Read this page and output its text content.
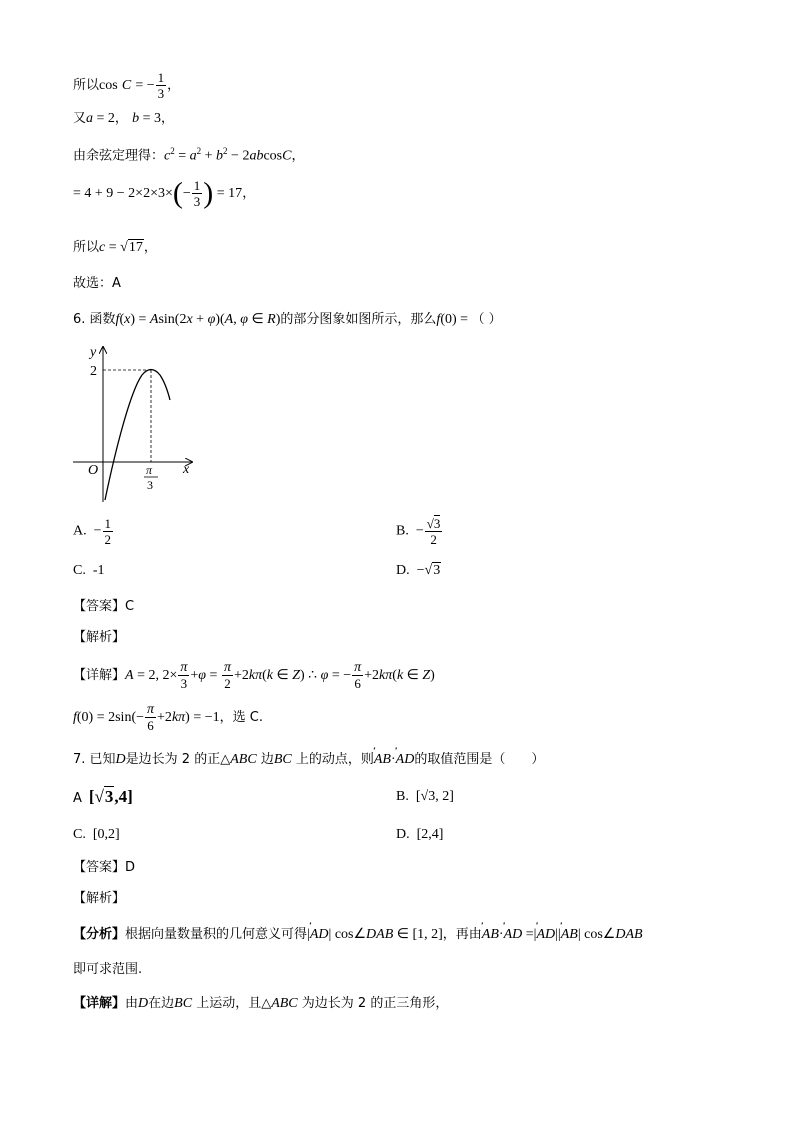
所以cos C = − $\frac{1}{3}$ ，
又a = 2， b = 3，
由余弦定理得：$c^2 = a^2 + b^2 - 2abcosC$，
= $4 + 9 - 2\times 2\times 3\times(- \frac{1}{3}$ ) = 17，
所以c = √17，
故选：A
6. 函数f(x) = Asin(2x + φ)(A, φ ∈ R)的部分图象如图所示，那么f(0) = （ ）
y
2
O	x
π
3
A.  − $\frac{1}{2}$	B.  − $\frac{√3}{2}$
C. -1	D.  −√3
【答案】C
【解析】
【详解】A = 2, $2\times \frac{\pi}{3} +\varphi = \frac{\pi}{2} +2k\pi(k$ ∈ Z) ∴ φ = − $\frac{\pi}{6} +2k\pi(k$ ∈ Z)
$f(0) = 2\sin(- \frac{\pi}{6} +2k\pi) = -1$，选 C.
7. 已知D是边长为 2 的正△ABC 边BC 上的动点，则′′′ AB·′′′ AD的取值范围是（　　）
A [√3,4]	B. [√3, 2]
C. [0,2]	D. [2,4]
【答案】D
【解析】
【分析】根据向量数量积的几何意义可得|′′′ AD| cos∠DAB ∈ [1, 2]，再由′′′ AB·′′′ AD =|′′′ AD||′′′ AB| cos∠DAB
即可求范围.
【详解】由D在边BC 上运动，且△ABC 为边长为 2 的正三角形，
